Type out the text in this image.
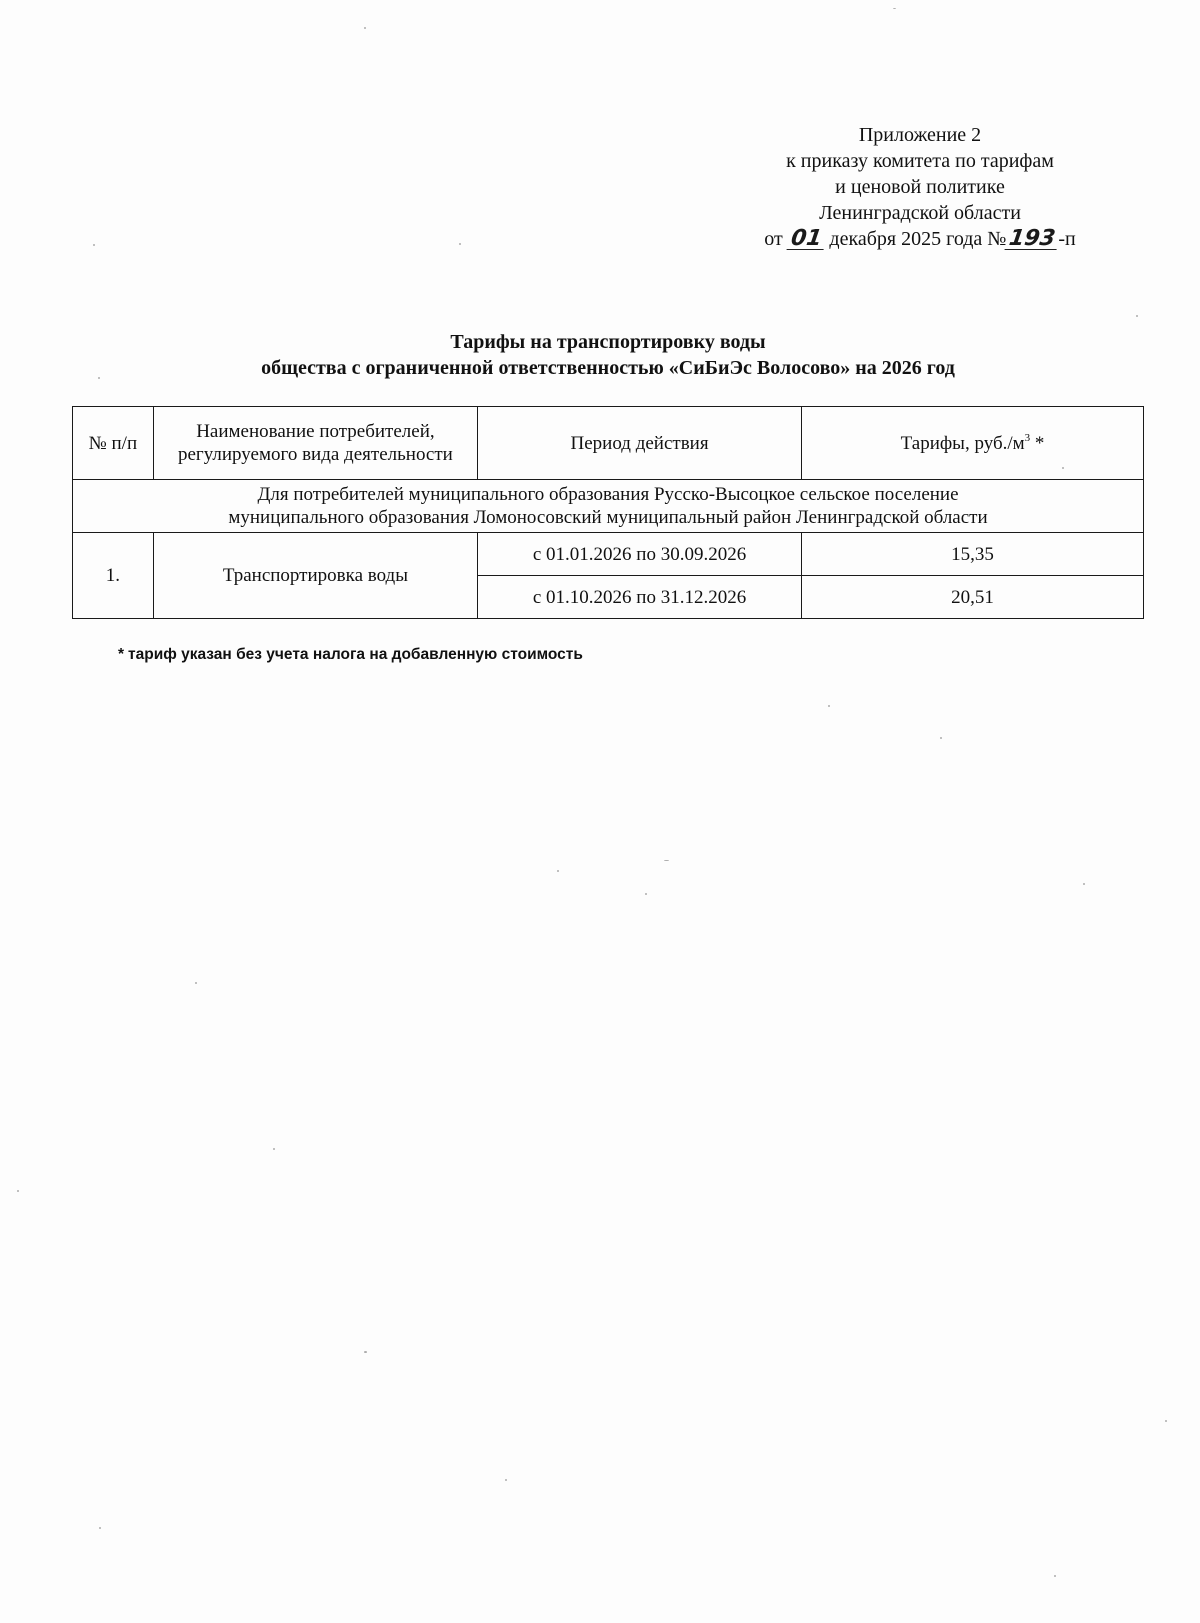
Приложение 2
к приказу комитета по тарифам
и ценовой политике
Ленинградской области
от 01 декабря 2025 года №193-п
Тарифы на транспортировку воды
общества с ограниченной ответственностью «СиБиЭс Волосово» на 2026 год
№ п/п	Наименование потребителей, регулируемого вида деятельности	Период действия	Тарифы, $руб./м^3$ *
Для потребителей муниципального образования Русско-Высоцкое сельское поселение
муниципального образования Ломоносовский муниципальный район Ленинградской области			
1.	Транспортировка воды	с 01.01.2026 по 30.09.2026	15,35
		с 01.10.2026 по 31.12.2026	20,51
* тариф указан без учета налога на добавленную стоимость
